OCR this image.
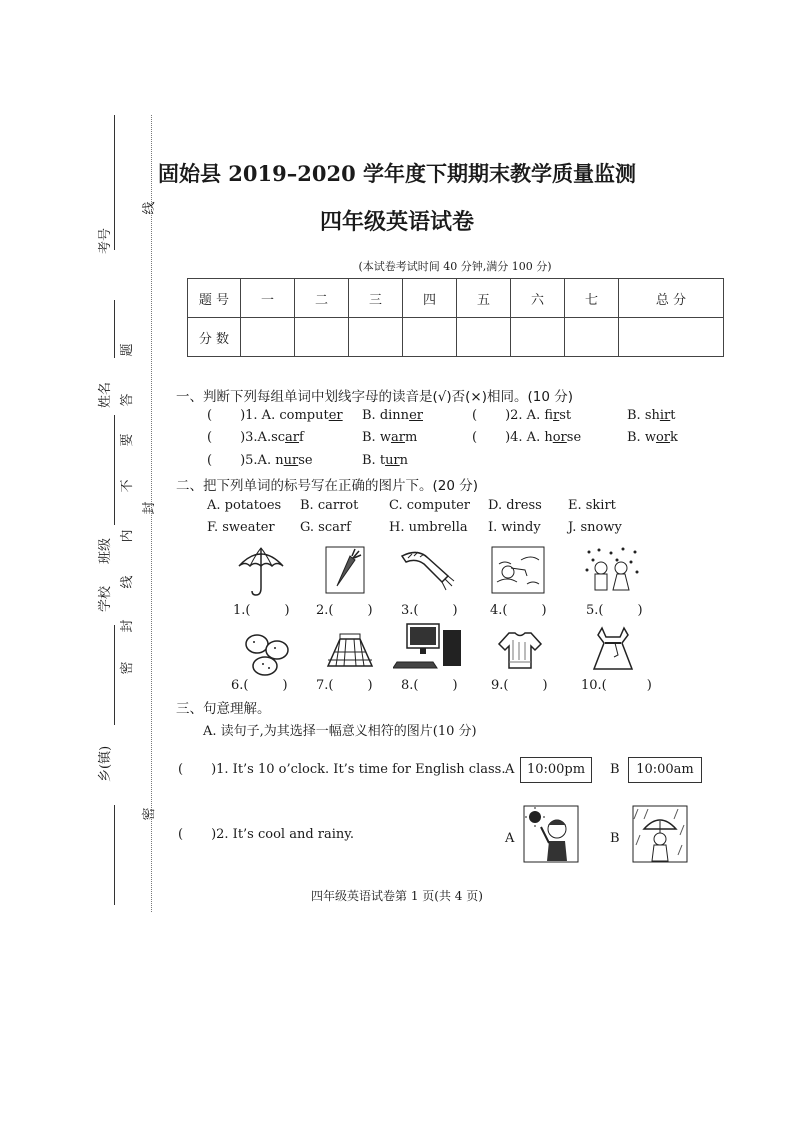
考号
姓名
班级
学校
乡(镇)
线
题
答
要
不
内
封
线
封
密
密
固始县 2019–2020 学年度下期期末教学质量监测
四年级英语试卷
(本试卷考试时间 40 分钟,满分 100 分)
题 号	一	二	三	四	五	六	七	总 分
分 数								
一、判断下列每组单词中划线字母的读音是(√)否(×)相同。(10 分)
( )1. A. computer B. dinner	( )2. A. first	B. shirt
( )3.A.scarf	B. warm	( )4. A. horse	B. work
( )5.A. nurse	B. turn
二、把下列单词的标号写在正确的图片下。(20 分)
A. potatoes B. carrot C. computer D. dress E. skirt
F. sweater G. scarf	H. umbrella I. windy J. snowy
1.(	) 2.(	) 3.(	) 4.(	)	5.(	)
6.(	) 7.(	) 8.(	)	9.(	)	10.(	)
三、句意理解。
A. 读句子,为其选择一幅意义相符的图片(10 分)
( )1. It’s 10 o’clock. It’s time for English class. A 10:00pm	B	10:00am
( )2. It’s cool and rainy.	A	B
四年级英语试卷第 1 页(共 4 页)
